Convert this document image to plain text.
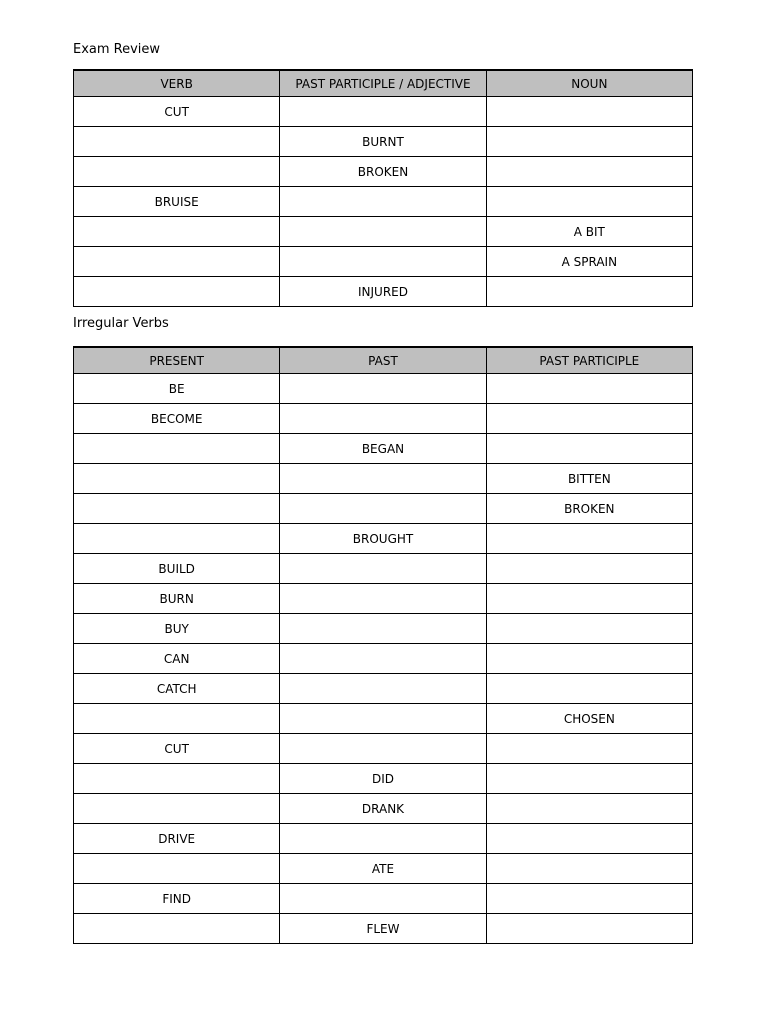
Exam Review
VERB	PAST PARTICIPLE / ADJECTIVE	NOUN
CUT		
	BURNT	
	BROKEN	
BRUISE		
		A BIT
		A SPRAIN
	INJURED	
Irregular Verbs
PRESENT	PAST	PAST PARTICIPLE
BE		
BECOME		
	BEGAN	
		BITTEN
		BROKEN
	BROUGHT	
BUILD		
BURN		
BUY		
CAN		
CATCH		
		CHOSEN
CUT		
	DID	
	DRANK	
DRIVE		
	ATE	
FIND		
	FLEW	
